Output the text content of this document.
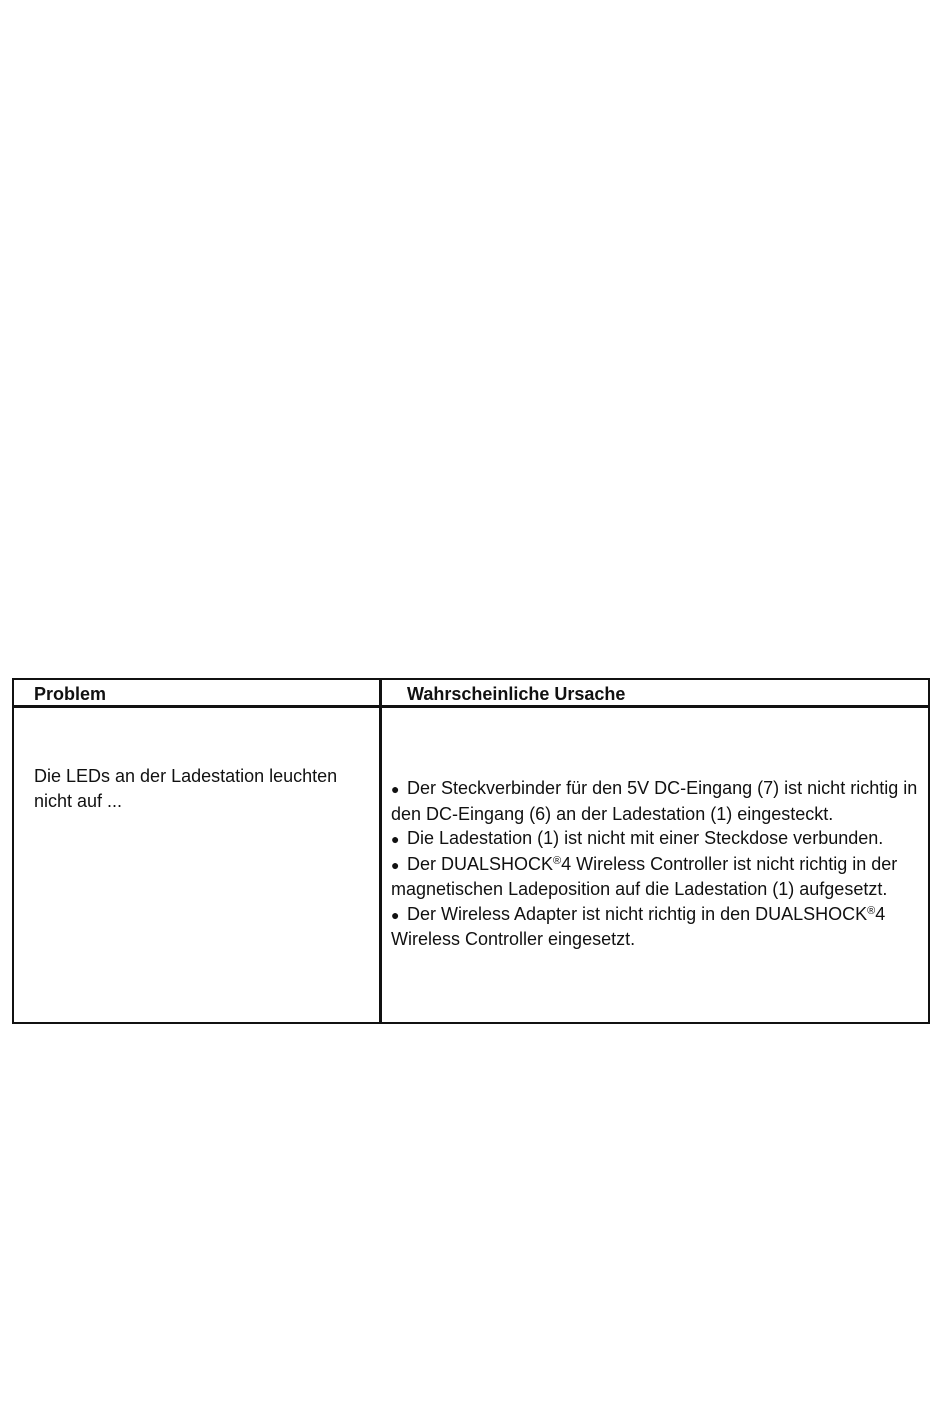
Problem	Wahrscheinliche Ursache
Die LEDs an der Ladestation leuchten nicht auf ...

● Der Steckverbinder für den 5V DC-Eingang (7) ist nicht richtig in den DC-Eingang (6) an der Ladestation (1) eingesteckt.

● Die Ladestation (1) ist nicht mit einer Steckdose verbunden.

● Der DUALSHOCK®4 Wireless Controller ist nicht richtig in der magnetischen Ladeposition auf die Ladestation (1) aufgesetzt.

● Der Wireless Adapter ist nicht richtig in den DUALSHOCK®4 Wireless Controller eingesetzt.
